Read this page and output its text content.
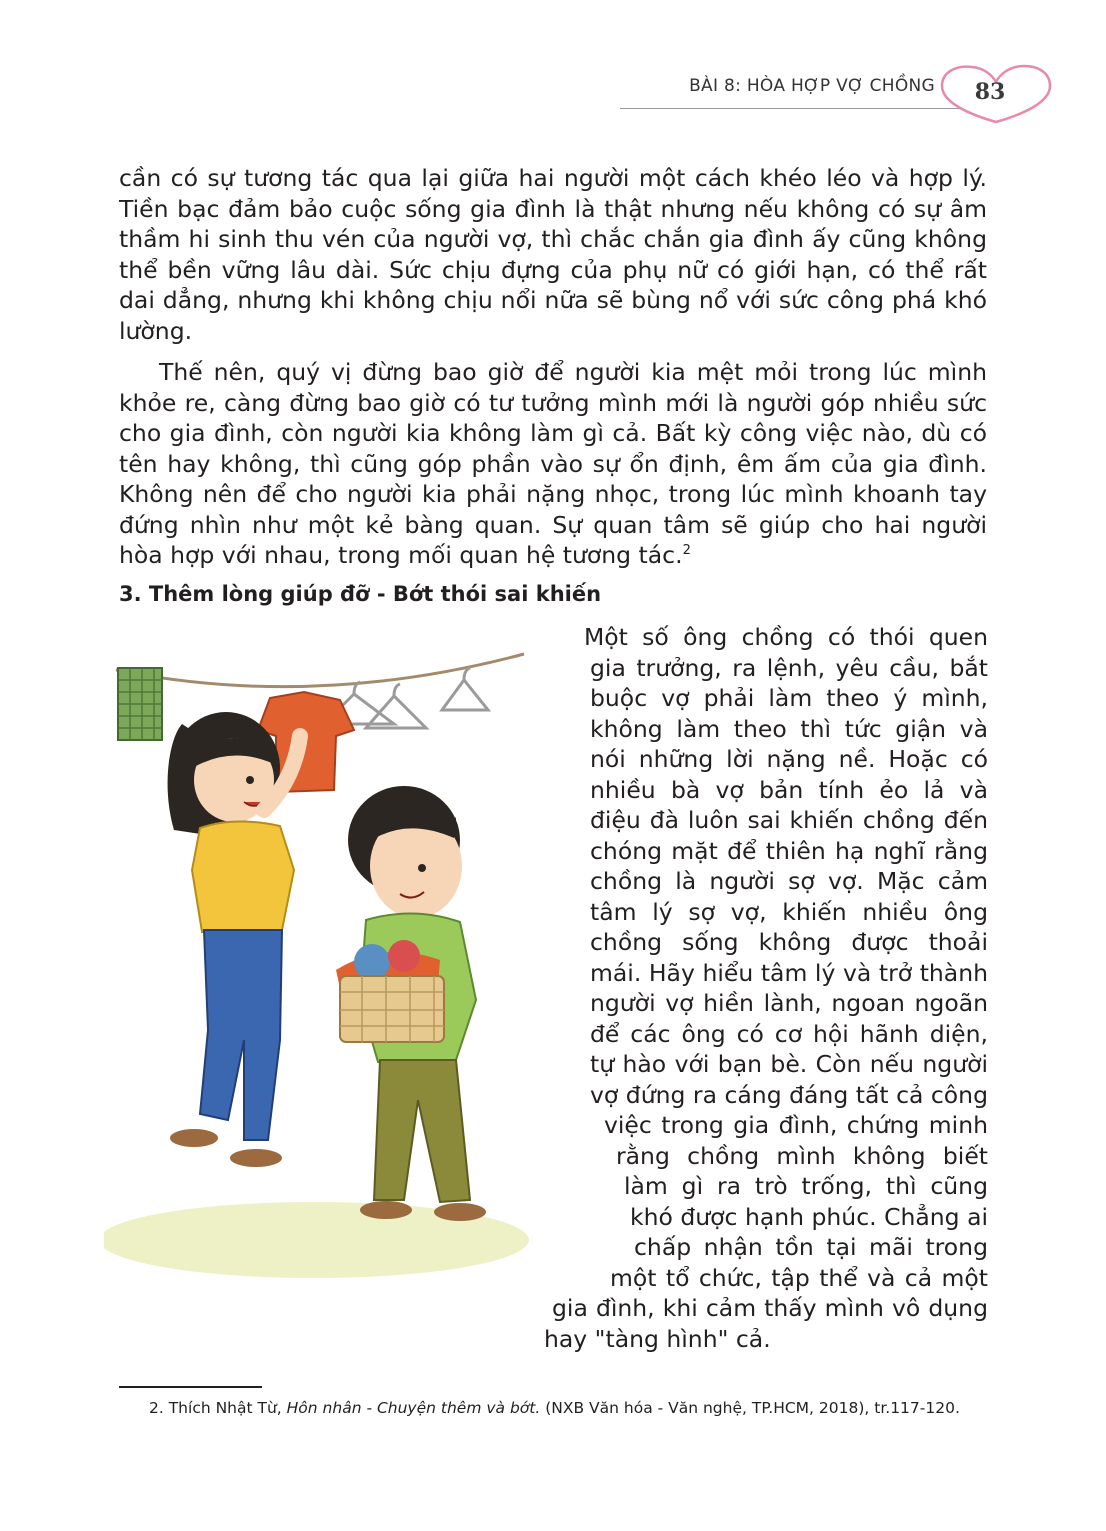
BÀI 8: HÒA HỢP VỢ CHỒNG	83

cần có sự tương tác qua lại giữa hai người một cách khéo léo và hợp lý. Tiền bạc đảm bảo cuộc sống gia đình là thật nhưng nếu không có sự âm thầm hi sinh thu vén của người vợ, thì chắc chắn gia đình ấy cũng không thể bền vững lâu dài. Sức chịu đựng của phụ nữ có giới hạn, có thể rất dai dẳng, nhưng khi không chịu nổi nữa sẽ bùng nổ với sức công phá khó lường.

Thế nên, quý vị đừng bao giờ để người kia mệt mỏi trong lúc mình khỏe re, càng đừng bao giờ có tư tưởng mình mới là người góp nhiều sức cho gia đình, còn người kia không làm gì cả. Bất kỳ công việc nào, dù có tên hay không, thì cũng góp phần vào sự ổn định, êm ấm của gia đình. Không nên để cho người kia phải nặng nhọc, trong lúc mình khoanh tay đứng nhìn như một kẻ bàng quan. Sự quan tâm sẽ giúp cho hai người hòa hợp với nhau, trong mối quan hệ tương tác.$^2$

3. Thêm lòng giúp đỡ - Bớt thói sai khiến

Một số ông chồng có thói quen gia trưởng, ra lệnh, yêu cầu, bắt buộc vợ phải làm theo ý mình, không làm theo thì tức giận và nói những lời nặng nề. Hoặc có nhiều bà vợ bản tính ẻo lả và điệu đà luôn sai khiến chồng đến chóng mặt để thiên hạ nghĩ rằng chồng là người sợ vợ. Mặc cảm tâm lý sợ vợ, khiến nhiều ông chồng sống không được thoải mái. Hãy hiểu tâm lý và trở thành người vợ hiền lành, ngoan ngoãn để các ông có cơ hội hãnh diện, tự hào với bạn bè. Còn nếu người vợ đứng ra cáng đáng tất cả công việc trong gia đình, chứng minh rằng chồng mình không biết làm gì ra trò trống, thì cũng khó được hạnh phúc. Chẳng ai chấp nhận tồn tại mãi trong một tổ chức, tập thể và cả một gia đình, khi cảm thấy mình vô dụng hay "tàng hình" cả.

2. Thích Nhật Từ, Hôn nhân - Chuyện thêm và bớt. (NXB Văn hóa - Văn nghệ, TP.HCM, 2018), tr.117-120.
